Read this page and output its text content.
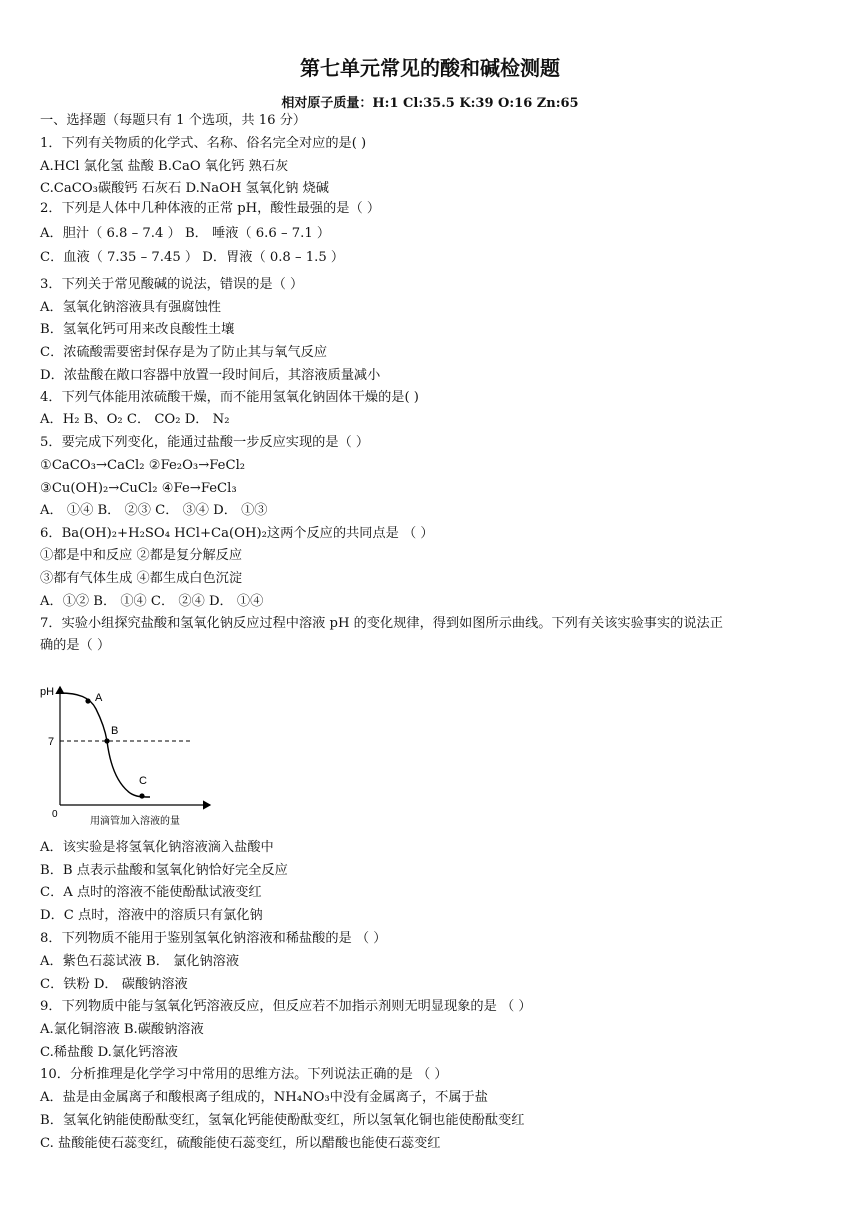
第七单元常见的酸和碱检测题
相对原子质量：H:1 Cl:35.5 K:39 O:16 Zn:65
一、选择题（每题只有 1 个选项，共 16 分）
1．下列有关物质的化学式、名称、俗名完全对应的是( )
A.HCl 氯化氢 盐酸 B.CaO 氧化钙 熟石灰
C.CaCO₃碳酸钙 石灰石 D.NaOH 氢氧化钠 烧碱
2．下列是人体中几种体液的正常 pH，酸性最强的是（ ）
A．胆汁（ 6.8 – 7.4 ） B． 唾液（ 6.6 – 7.1 ）
C．血液（ 7.35 – 7.45 ） D．胃液（ 0.8 – 1.5 ）
3．下列关于常见酸碱的说法，错误的是（ ）
A．氢氧化钠溶液具有强腐蚀性
B．氢氧化钙可用来改良酸性土壤
C．浓硫酸需要密封保存是为了防止其与氧气反应
D．浓盐酸在敞口容器中放置一段时间后，其溶液质量减小
4．下列气体能用浓硫酸干燥，而不能用氢氧化钠固体干燥的是( )
A．H₂ B、O₂ C． CO₂ D． N₂
5．要完成下列变化，能通过盐酸一步反应实现的是（ ）
①CaCO₃→CaCl₂ ②Fe₂O₃→FeCl₂
③Cu(OH)₂→CuCl₂ ④Fe→FeCl₃
A． ①④ B． ②③ C． ③④ D． ①③
6．Ba(OH)₂+H₂SO₄ HCl+Ca(OH)₂这两个反应的共同点是 （ ）
①都是中和反应 ②都是复分解反应
③都有气体生成 ④都生成白色沉淀
A．①② B． ①④ C． ②④ D． ①④
7．实验小组探究盐酸和氢氧化钠反应过程中溶液 pH 的变化规律，得到如图所示曲线。下列有关该实验事实的说法正
确的是（ ）
pH
7
0
A
B
C
用滴管加入溶液的量
A．该实验是将氢氧化钠溶液滴入盐酸中
B．B 点表示盐酸和氢氧化钠恰好完全反应
C．A 点时的溶液不能使酚酞试液变红
D．C 点时，溶液中的溶质只有氯化钠
8．下列物质不能用于鉴别氢氧化钠溶液和稀盐酸的是 （ ）
A．紫色石蕊试液 B． 氯化钠溶液
C．铁粉 D． 碳酸钠溶液
9．下列物质中能与氢氧化钙溶液反应，但反应若不加指示剂则无明显现象的是 （ ）
A.氯化铜溶液 B.碳酸钠溶液
C.稀盐酸 D.氯化钙溶液
10．分析推理是化学学习中常用的思维方法。下列说法正确的是 （ ）
A．盐是由金属离子和酸根离子组成的，NH₄NO₃中没有金属离子，不属于盐
B．氢氧化钠能使酚酞变红，氢氧化钙能使酚酞变红，所以氢氧化铜也能使酚酞变红
C. 盐酸能使石蕊变红，硫酸能使石蕊变红，所以醋酸也能使石蕊变红
